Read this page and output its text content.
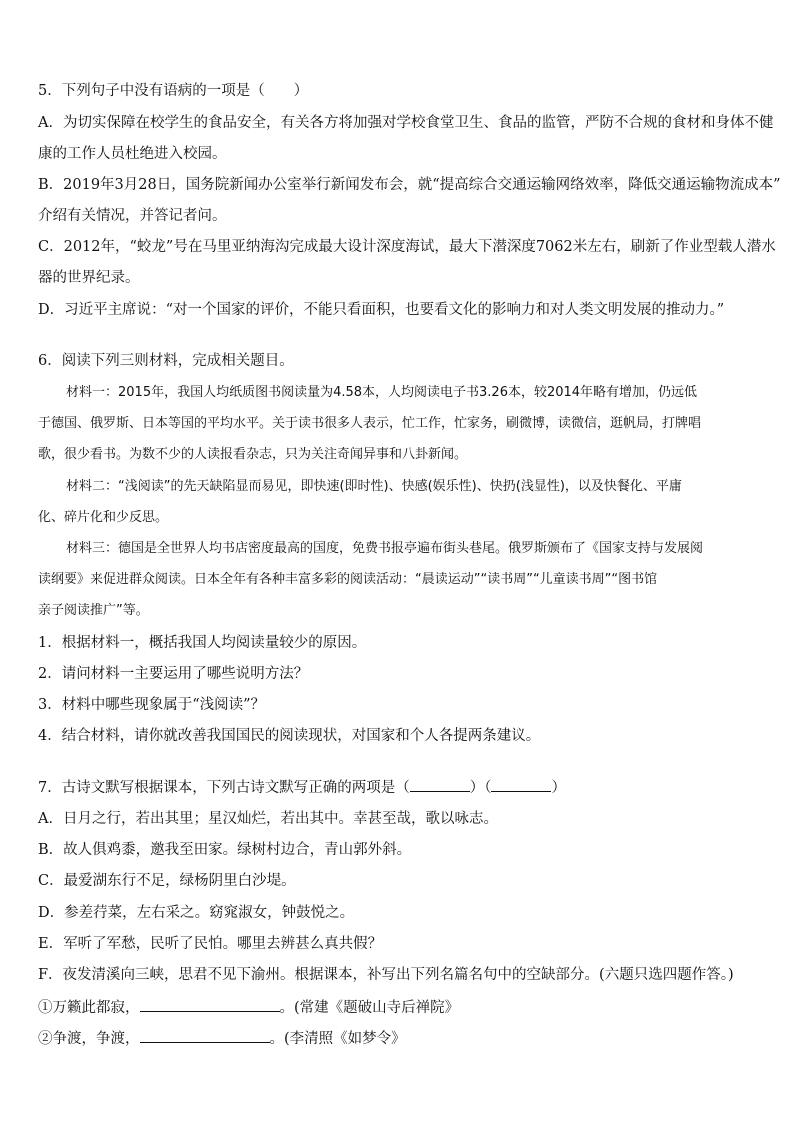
5．下列句子中没有语病的一项是（　　）
A．为切实保障在校学生的食品安全，有关各方将加强对学校食堂卫生、食品的监管，严防不合规的食材和身体不健
康的工作人员杜绝进入校园。
B．2019年3月28日，国务院新闻办公室举行新闻发布会，就“提高综合交通运输网络效率，降低交通运输物流成本”
介绍有关情况，并答记者问。
C．2012年，“蛟龙”号在马里亚纳海沟完成最大设计深度海试，最大下潜深度7062米左右，刷新了作业型载人潜水
器的世界纪录。
D．习近平主席说：“对一个国家的评价，不能只看面积，也要看文化的影响力和对人类文明发展的推动力。”
6．阅读下列三则材料，完成相关题目。
材料一：2015年，我国人均纸质图书阅读量为4.58本，人均阅读电子书3.26本，较2014年略有增加，仍远低
于德国、俄罗斯、日本等国的平均水平。关于读书很多人表示，忙工作，忙家务，刷微博，读微信，逛帆局，打牌唱
歌，很少看书。为数不少的人读报看杂志，只为关注奇闻异事和八卦新闻。
材料二：“浅阅读”的先天缺陷显而易见，即快速(即时性)、快感(娱乐性)、快扔(浅显性)，以及快餐化、平庸
化、碎片化和少反思。
材料三：德国是全世界人均书店密度最高的国度，免费书报亭遍布街头巷尾。俄罗斯颁布了《国家支持与发展阅
读纲要》来促进群众阅读。日本全年有各种丰富多彩的阅读活动：“晨读运动”“读书周”“儿童读书周”“图书馆
亲子阅读推广”等。
1．根据材料一，概括我国人均阅读量较少的原因。
2．请问材料一主要运用了哪些说明方法？
3．材料中哪些现象属于“浅阅读”？
4．结合材料，请你就改善我国国民的阅读现状，对国家和个人各提两条建议。
7．古诗文默写根据课本，下列古诗文默写正确的两项是（	）（	）
A．日月之行，若出其里；星汉灿烂，若出其中。幸甚至哉，歌以咏志。
B．故人俱鸡黍，邀我至田家。绿树村边合，青山郭外斜。
C．最爱湖东行不足，绿杨阴里白沙堤。
D．参差荇菜，左右采之。窈窕淑女，钟鼓悦之。
E．军听了军愁，民听了民怕。哪里去辨甚么真共假？
F．夜发清溪向三峡，思君不见下渝州。根据课本，补写出下列名篇名句中的空缺部分。(六题只选四题作答。)
①万籁此都寂，	。(常建《题破山寺后禅院》
②争渡，争渡，	。(李清照《如梦令》
